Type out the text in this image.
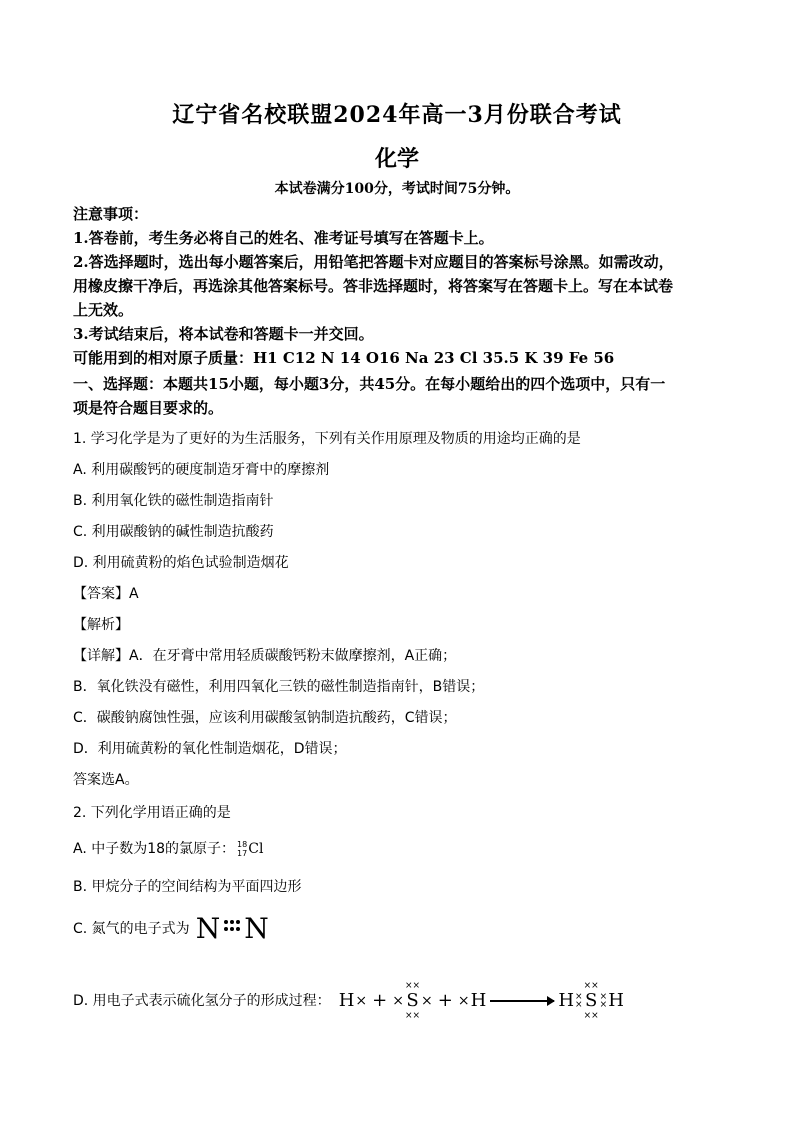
辽宁省名校联盟2024年高一3月份联合考试
化学
本试卷满分100分，考试时间75分钟。
注意事项：
1.答卷前，考生务必将自己的姓名、准考证号填写在答题卡上。
2.答选择题时，选出每小题答案后，用铅笔把答题卡对应题目的答案标号涂黑。如需改动，
用橡皮擦干净后，再选涂其他答案标号。答非选择题时，将答案写在答题卡上。写在本试卷
上无效。
3.考试结束后，将本试卷和答题卡一并交回。
可能用到的相对原子质量：H1 C12 N 14 O16 Na 23 Cl 35.5 K 39 Fe 56
一、选择题：本题共15小题，每小题3分，共45分。在每小题给出的四个选项中，只有一
项是符合题目要求的。
1. 学习化学是为了更好的为生活服务，下列有关作用原理及物质的用途均正确的是
A. 利用碳酸钙的硬度制造牙膏中的摩擦剂
B. 利用氧化铁的磁性制造指南针
C. 利用碳酸钠的碱性制造抗酸药
D. 利用硫黄粉的焰色试验制造烟花
【答案】A
【解析】
【详解】A．在牙膏中常用轻质碳酸钙粉末做摩擦剂，A正确；
B．氧化铁没有磁性，利用四氧化三铁的磁性制造指南针，B错误；
C．碳酸钠腐蚀性强，应该利用碳酸氢钠制造抗酸药，C错误；
D．利用硫黄粉的氧化性制造烟花，D错误；
答案选A。
2. 下列化学用语正确的是
A. 中子数为18的氯原子： 18
17 Cl
B. 甲烷分子的空间结构为平面四边形
C. 氮气的电子式为 N N
D. 用电子式表示硫化氢分子的形成过程： H × + ×
××
S
××
× + × H → H ×
×
××
S
××
×
× H
